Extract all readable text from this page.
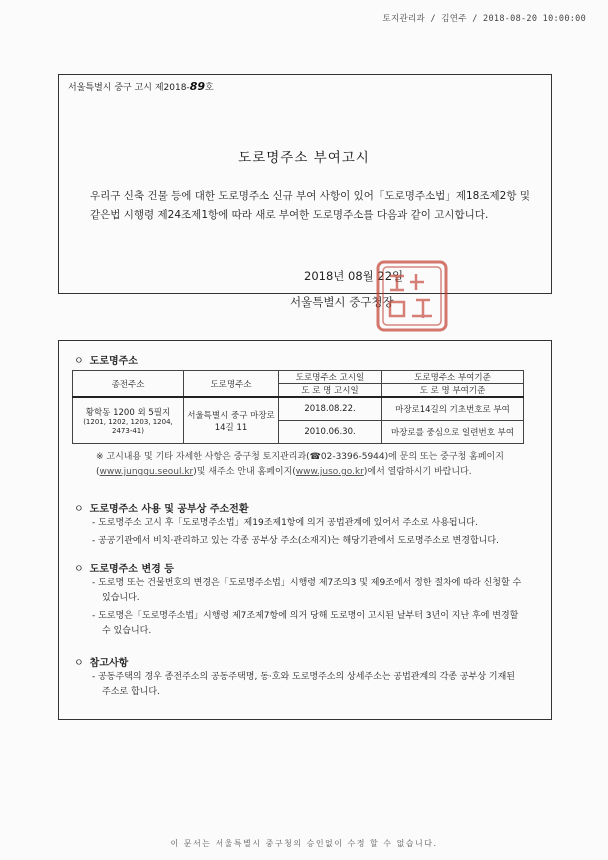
토지관리과 / 김연주 / 2018-08-20 10:00:00
서울특별시 중구 고시 제2018-89호
도로명주소 부여고시
우리구 신축 건물 등에 대한 도로명주소 신규 부여 사항이 있어「도로명주소법」제18조제2항 및 같은법 시행령 제24조제1항에 따라 새로 부여한 도로명주소를 다음과 같이 고시합니다.
2018년 08월 22일
서울특별시 중구청장
ㅇ 도로명주소
종전주소	도로명주소	도로명주소 고시일	도로명주소 부여기준
		도 로 명 고시일	도 로 명 부여기준

황학동 1200 외 5필지
(1201, 1202, 1203, 1204, 2473-41)	서울특별시 중구 마장로14길 11	2018.08.22.	마장로14길의 기초번호로 부여
		2010.06.30.	마장로를 중심으로 일련번호 부여
※ 고시내용 및 기타 자세한 사항은 중구청 토지관리과(☎02-3396-5944)에 문의 또는 중구청 홈페이지(www.junggu.seoul.kr)및 새주소 안내 홈페이지(www.juso.go.kr)에서 열람하시기 바랍니다.
ㅇ 도로명주소 사용 및 공부상 주소전환

- 도로명주소 고시 후「도로명주소법」제19조제1항에 의거 공법관계에 있어서 주소로 사용됩니다.

- 공공기관에서 비치·관리하고 있는 각종 공부상 주소(소재지)는 해당기관에서 도로명주소로 변경합니다.

ㅇ 도로명주소 변경 등

- 도로명 또는 건물번호의 변경은「도로명주소법」시행령 제7조의3 및 제9조에서 정한 절차에 따라 신청할 수 있습니다.

- 도로명은「도로명주소법」시행령 제7조제7항에 의거 당해 도로명이 고시된 날부터 3년이 지난 후에 변경할 수 있습니다.

ㅇ 참고사항

- 공동주택의 경우 종전주소의 공동주택명, 동·호와 도로명주소의 상세주소는 공법관계의 각종 공부상 기재된 주소로 합니다.

이 문서는 서울특별시 중구청의 승인없이 수정 할 수 없습니다.
